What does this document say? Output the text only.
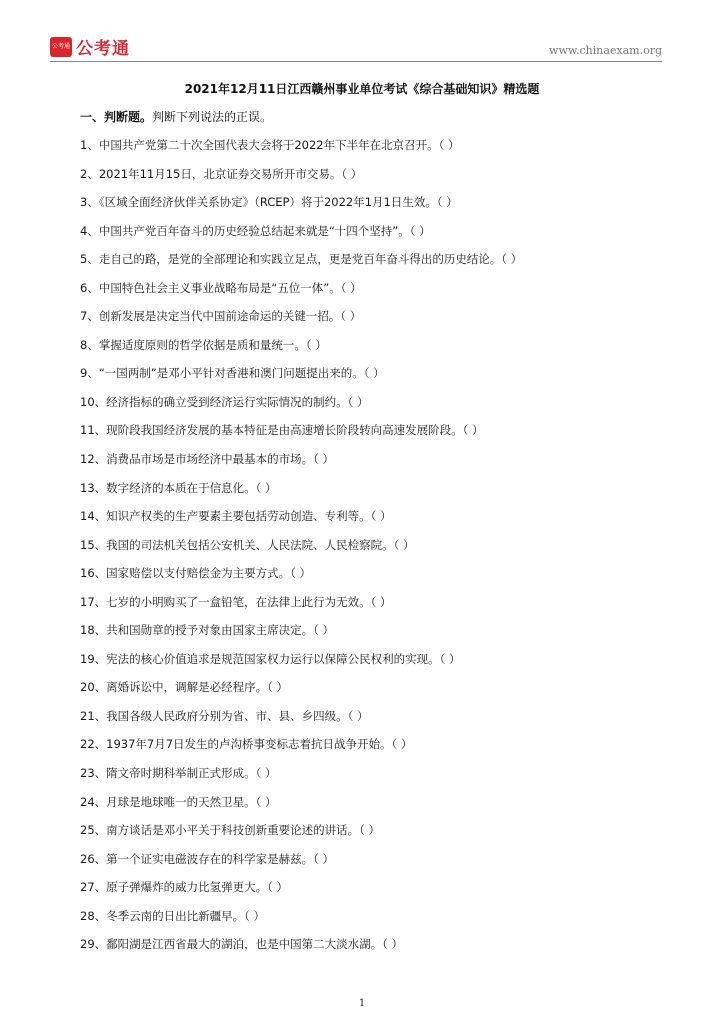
公考通 公考通	www.chinaexam.org
2021年12月11日江西赣州事业单位考试《综合基础知识》精选题
一、判断题。判断下列说法的正误。
1、中国共产党第二十次全国代表大会将于2022年下半年在北京召开。（ ）
2、2021年11月15日，北京证券交易所开市交易。（ ）
3、《区域全面经济伙伴关系协定》（RCEP）将于2022年1月1日生效。（ ）
4、中国共产党百年奋斗的历史经验总结起来就是“十四个坚持”。（ ）
5、走自己的路，是党的全部理论和实践立足点，更是党百年奋斗得出的历史结论。（ ）
6、中国特色社会主义事业战略布局是“五位一体”。（ ）
7、创新发展是决定当代中国前途命运的关键一招。（ ）
8、掌握适度原则的哲学依据是质和量统一。（ ）
9、“一国两制”是邓小平针对香港和澳门问题提出来的。（ ）
10、经济指标的确立受到经济运行实际情况的制约。（ ）
11、现阶段我国经济发展的基本特征是由高速增长阶段转向高速发展阶段。（ ）
12、消费品市场是市场经济中最基本的市场。（ ）
13、数字经济的本质在于信息化。（ ）
14、知识产权类的生产要素主要包括劳动创造、专利等。（ ）
15、我国的司法机关包括公安机关、人民法院、人民检察院。（ ）
16、国家赔偿以支付赔偿金为主要方式。（ ）
17、七岁的小明购买了一盒铅笔，在法律上此行为无效。（ ）
18、共和国勋章的授予对象由国家主席决定。（ ）
19、宪法的核心价值追求是规范国家权力运行以保障公民权利的实现。（ ）
20、离婚诉讼中，调解是必经程序。（ ）
21、我国各级人民政府分别为省、市、县、乡四级。（ ）
22、1937年7月7日发生的卢沟桥事变标志着抗日战争开始。（ ）
23、隋文帝时期科举制正式形成。（ ）
24、月球是地球唯一的天然卫星。（ ）
25、南方谈话是邓小平关于科技创新重要论述的讲话。（ ）
26、第一个证实电磁波存在的科学家是赫兹。（ ）
27、原子弹爆炸的威力比氢弹更大。（ ）
28、冬季云南的日出比新疆早。（ ）
29、鄱阳湖是江西省最大的湖泊，也是中国第二大淡水湖。（ ）
1
